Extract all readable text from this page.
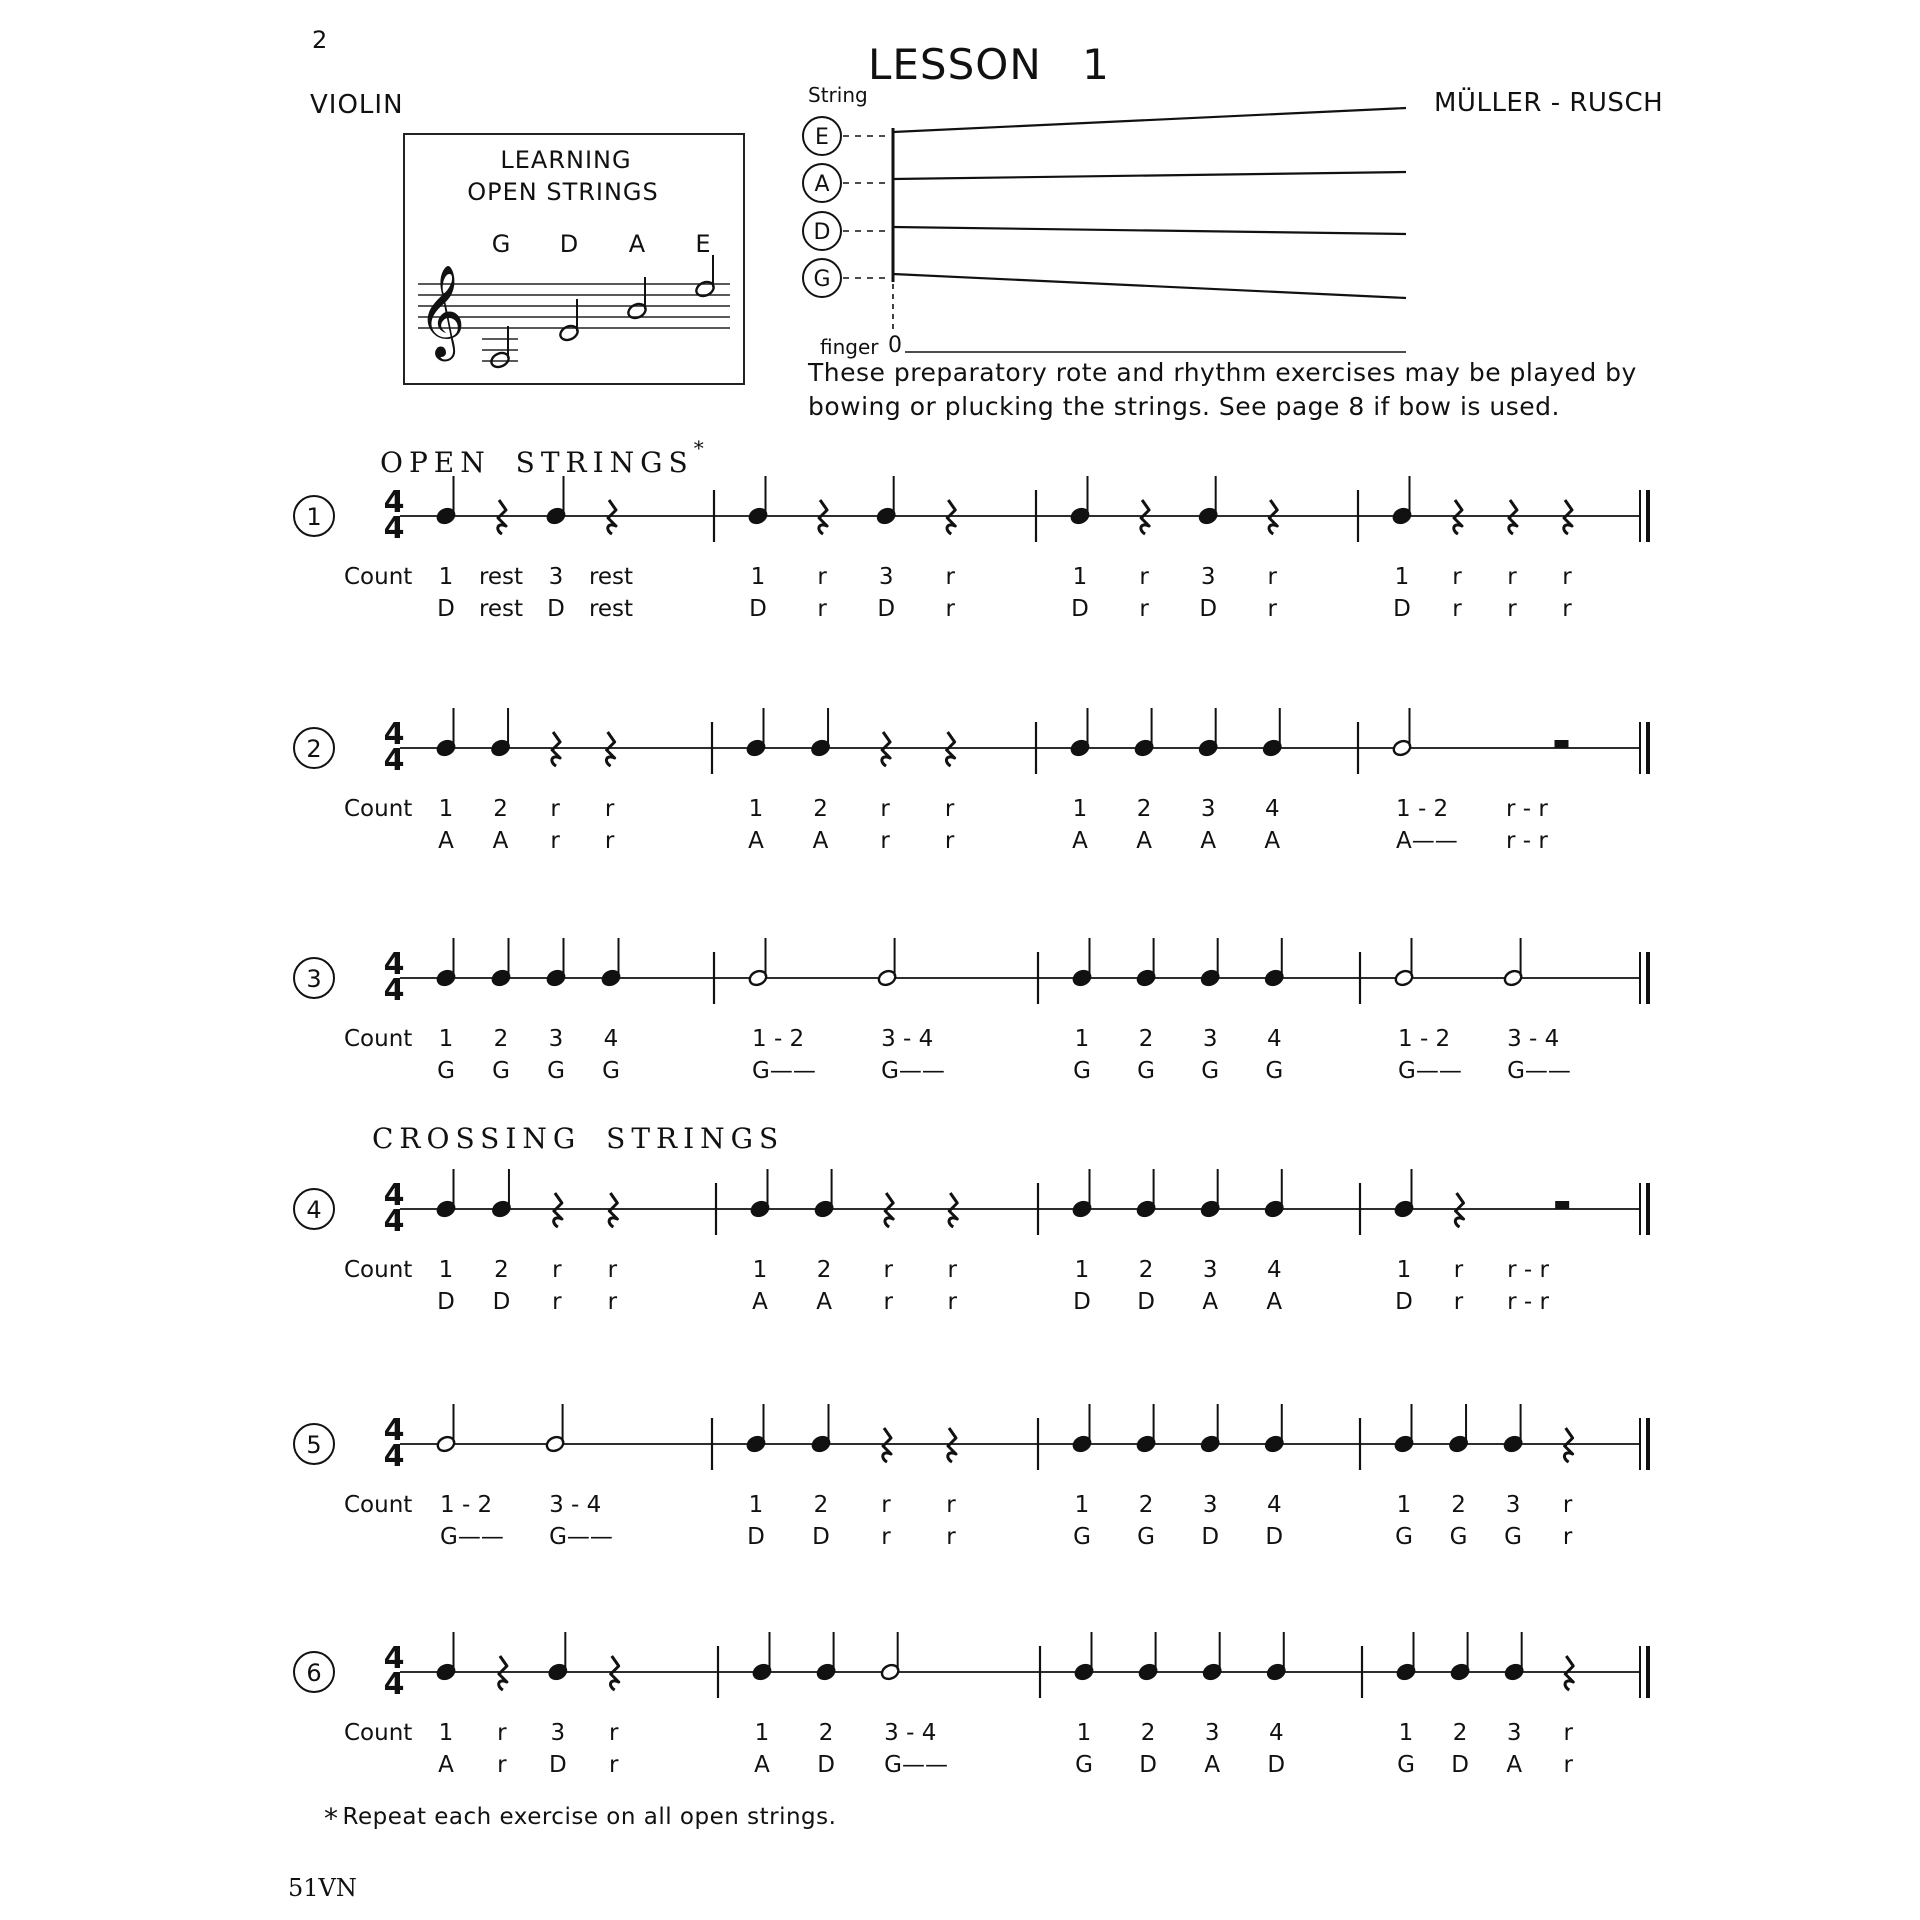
2
VIOLIN
LESSON 1
MÜLLER - RUSCH
LEARNING
OPEN STRINGS
G D A E
𝄞
String
E
A
D
G
finger 0
These preparatory rote and rhythm exercises may be played by
bowing or plucking the strings. See page 8 if bow is used.
OPEN STRINGS*
CROSSING STRINGS
1 4
4
Count 1
D
rest
rest
3
D
rest
rest
1
D
r
r
3
D
r
r
1
D
r
r
3
D
r
r
1
D
r
r
r
r
r
r
2 4
4
Count 1
A
2
A
r
r
r
r
1
A
2
A
r
r
r
r
1
A
2
A
3
A
4
A
1 - 2
A——
r - r
r - r
3 4
4
Count 1
G
2
G
3
G
4
G
1 - 2
G——
3 - 4
G——
1
G
2
G
3
G
4
G
1 - 2
G——
3 - 4
G——
4 4
4
Count 1
D
2
D
r
r
r
r
1
A
2
A
r
r
r
r
1
D
2
D
3
A
4
A
1
D
r
r
r - r
r - r
5 4
4
Count 1 - 2
G——
3 - 4
G——
1
D
2
D
r
r
r
r
1
G
2
G
3
D
4
D
1
G
2
G
3
G
r
r
6 4
4
Count 1
A
r
r
3
D
r
r
1
A
2
D
3 - 4
G——
1
G
2
D
3
A
4
D
1
G
2
D
3
A
r
r
* Repeat each exercise on all open strings.
51VN
